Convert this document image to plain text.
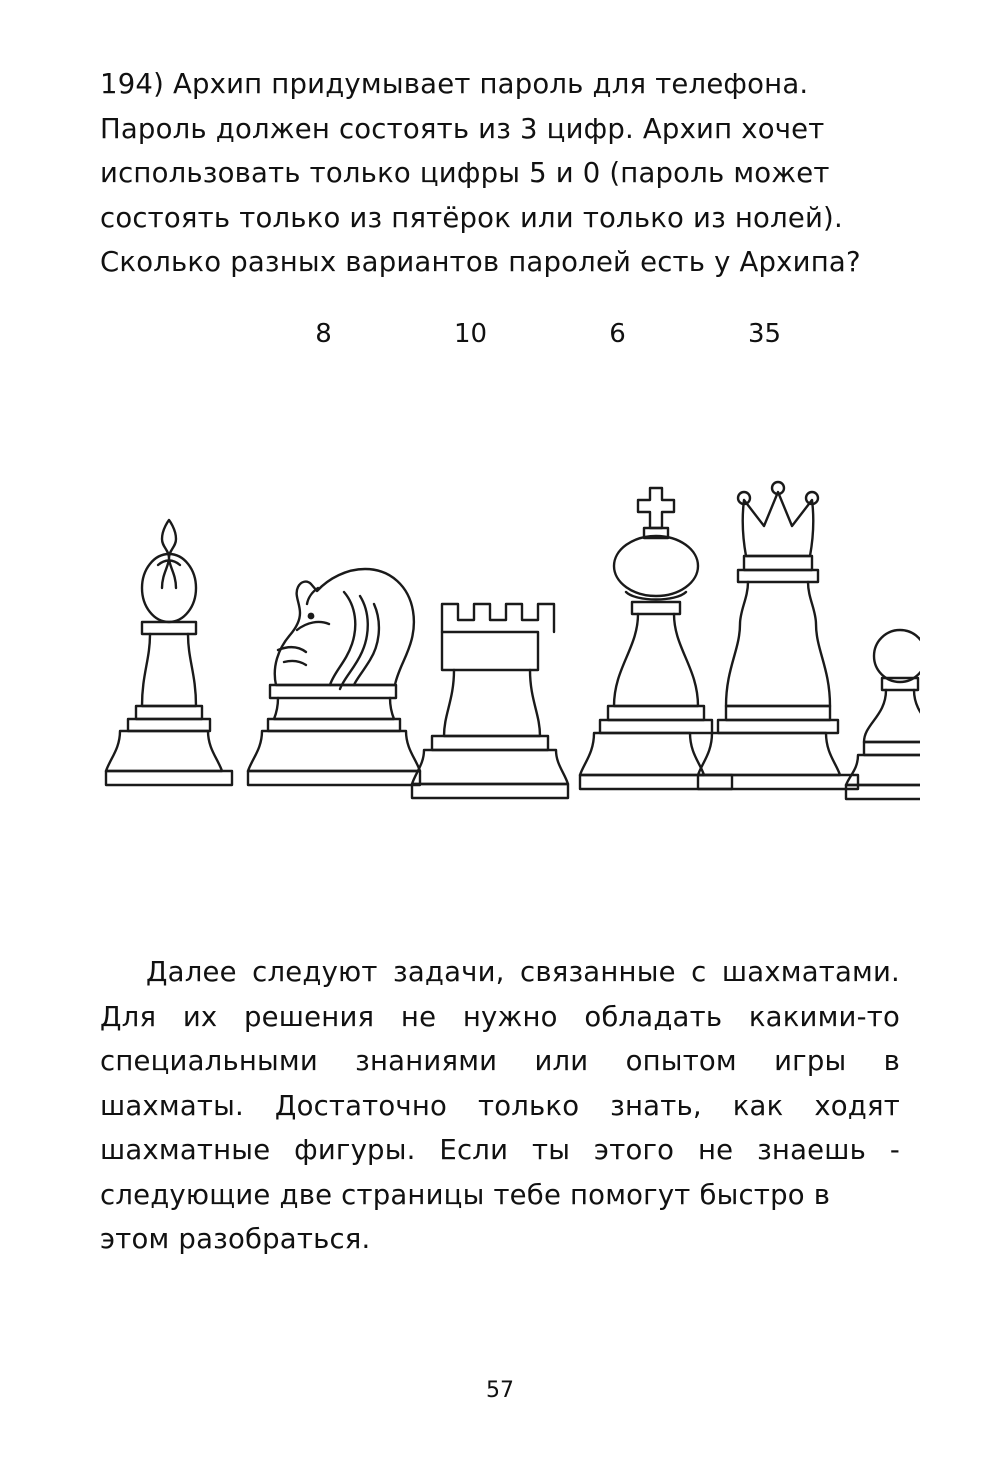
194) Архип придумывает пароль для телефона.
Пароль должен состоять из 3 цифр. Архип хочет
использовать только цифры 5 и 0 (пароль может
состоять только из пятёрок или только из нолей).
Сколько разных вариантов паролей есть у Архипа?
8	10	6	35
Далее следуют задачи, связанные с шахматами. Для их решения не нужно обладать какими-то специальными знаниями или опытом игры в шахматы. Достаточно только знать, как ходят шахматные фигуры. Если ты этого не знаешь - следующие две страницы тебе помогут быстро в
этом разобраться.
57
